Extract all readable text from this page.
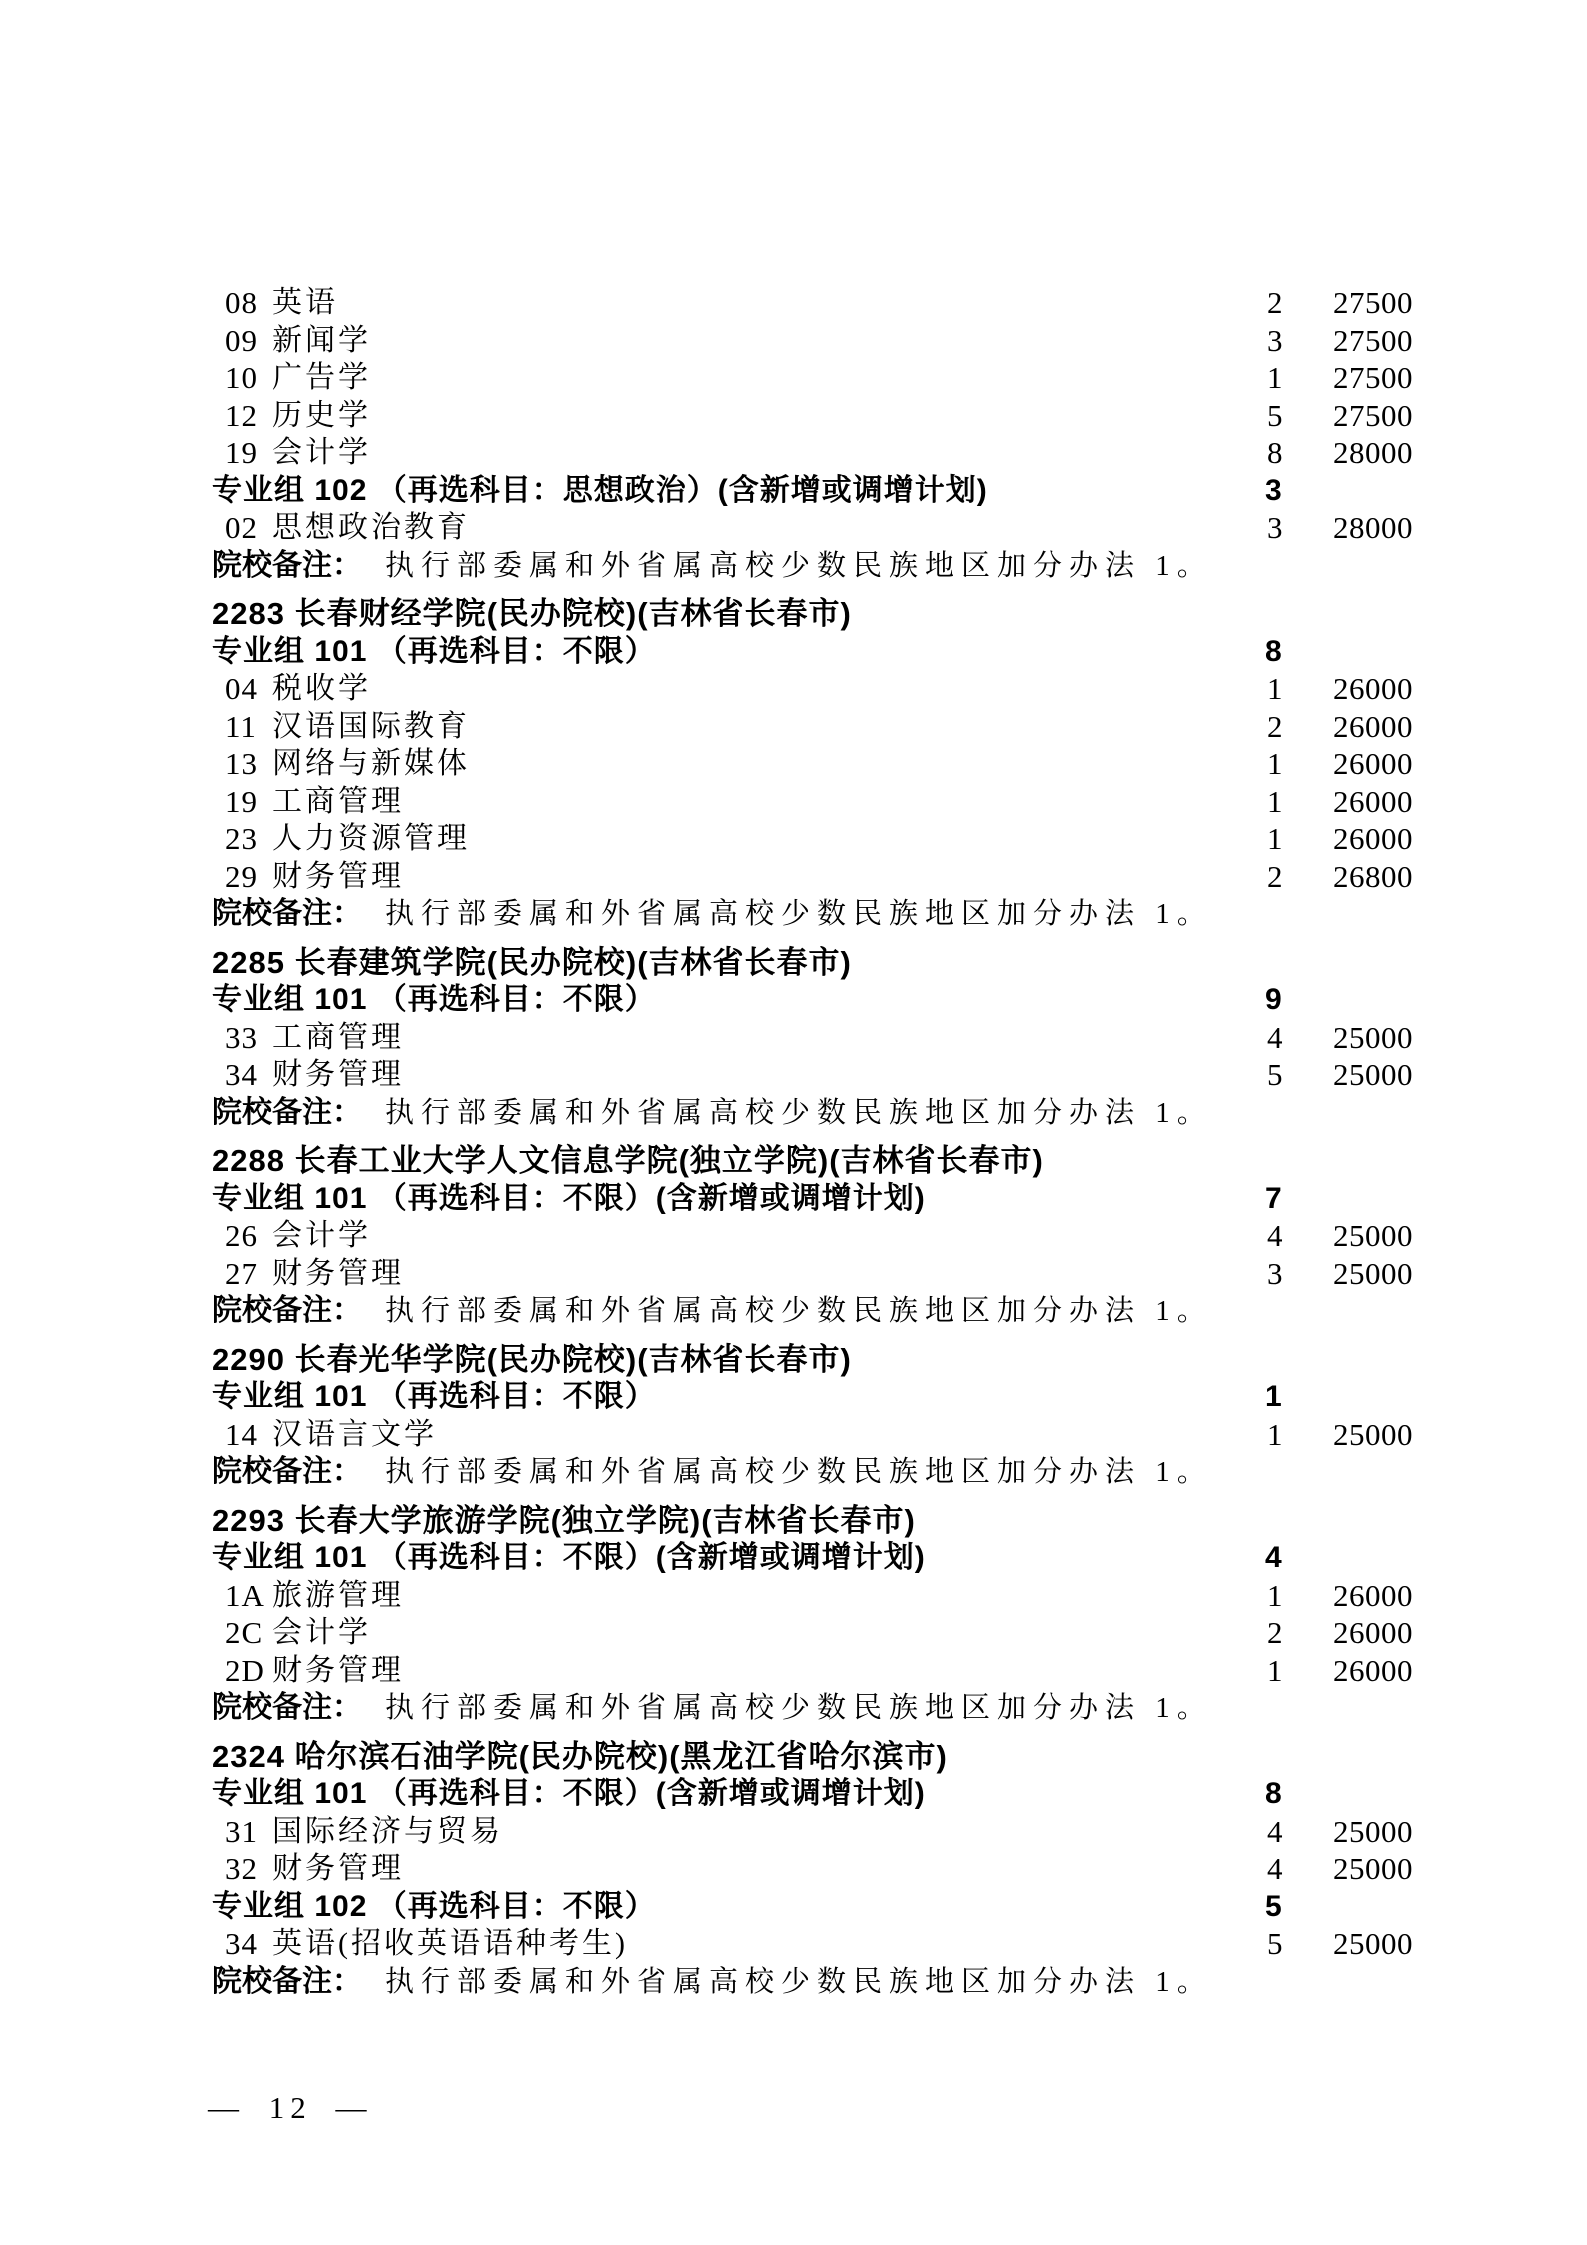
08 英语	2 27500
09 新闻学	3 27500
10 广告学	1 27500
12 历史学	5 27500
19 会计学	8 28000
专业组 102 （再选科目：思想政治）(含新增或调增计划)	3
02 思想政治教育	3 28000
院校备注： 执行部委属和外省属高校少数民族地区加分办法 1。
2283 长春财经学院(民办院校)(吉林省长春市)
专业组 101 （再选科目：不限）	8
04 税收学	1 26000
11 汉语国际教育	2 26000
13 网络与新媒体	1 26000
19 工商管理	1 26000
23 人力资源管理	1 26000
29 财务管理	2 26800
院校备注： 执行部委属和外省属高校少数民族地区加分办法 1。
2285 长春建筑学院(民办院校)(吉林省长春市)
专业组 101 （再选科目：不限）	9
33 工商管理	4 25000
34 财务管理	5 25000
院校备注： 执行部委属和外省属高校少数民族地区加分办法 1。
2288 长春工业大学人文信息学院(独立学院)(吉林省长春市)
专业组 101 （再选科目：不限）(含新增或调增计划)	7
26 会计学	4 25000
27 财务管理	3 25000
院校备注： 执行部委属和外省属高校少数民族地区加分办法 1。
2290 长春光华学院(民办院校)(吉林省长春市)
专业组 101 （再选科目：不限）	1
14 汉语言文学	1 25000
院校备注： 执行部委属和外省属高校少数民族地区加分办法 1。
2293 长春大学旅游学院(独立学院)(吉林省长春市)
专业组 101 （再选科目：不限）(含新增或调增计划)	4
1A 旅游管理	1 26000
2C 会计学	2 26000
2D 财务管理	1 26000
院校备注： 执行部委属和外省属高校少数民族地区加分办法 1。
2324 哈尔滨石油学院(民办院校)(黑龙江省哈尔滨市)
专业组 101 （再选科目：不限）(含新增或调增计划)	8
31 国际经济与贸易	4 25000
32 财务管理	4 25000
专业组 102 （再选科目：不限）	5
34 英语(招收英语语种考生)	5 25000
院校备注： 执行部委属和外省属高校少数民族地区加分办法 1。
— 12 —
